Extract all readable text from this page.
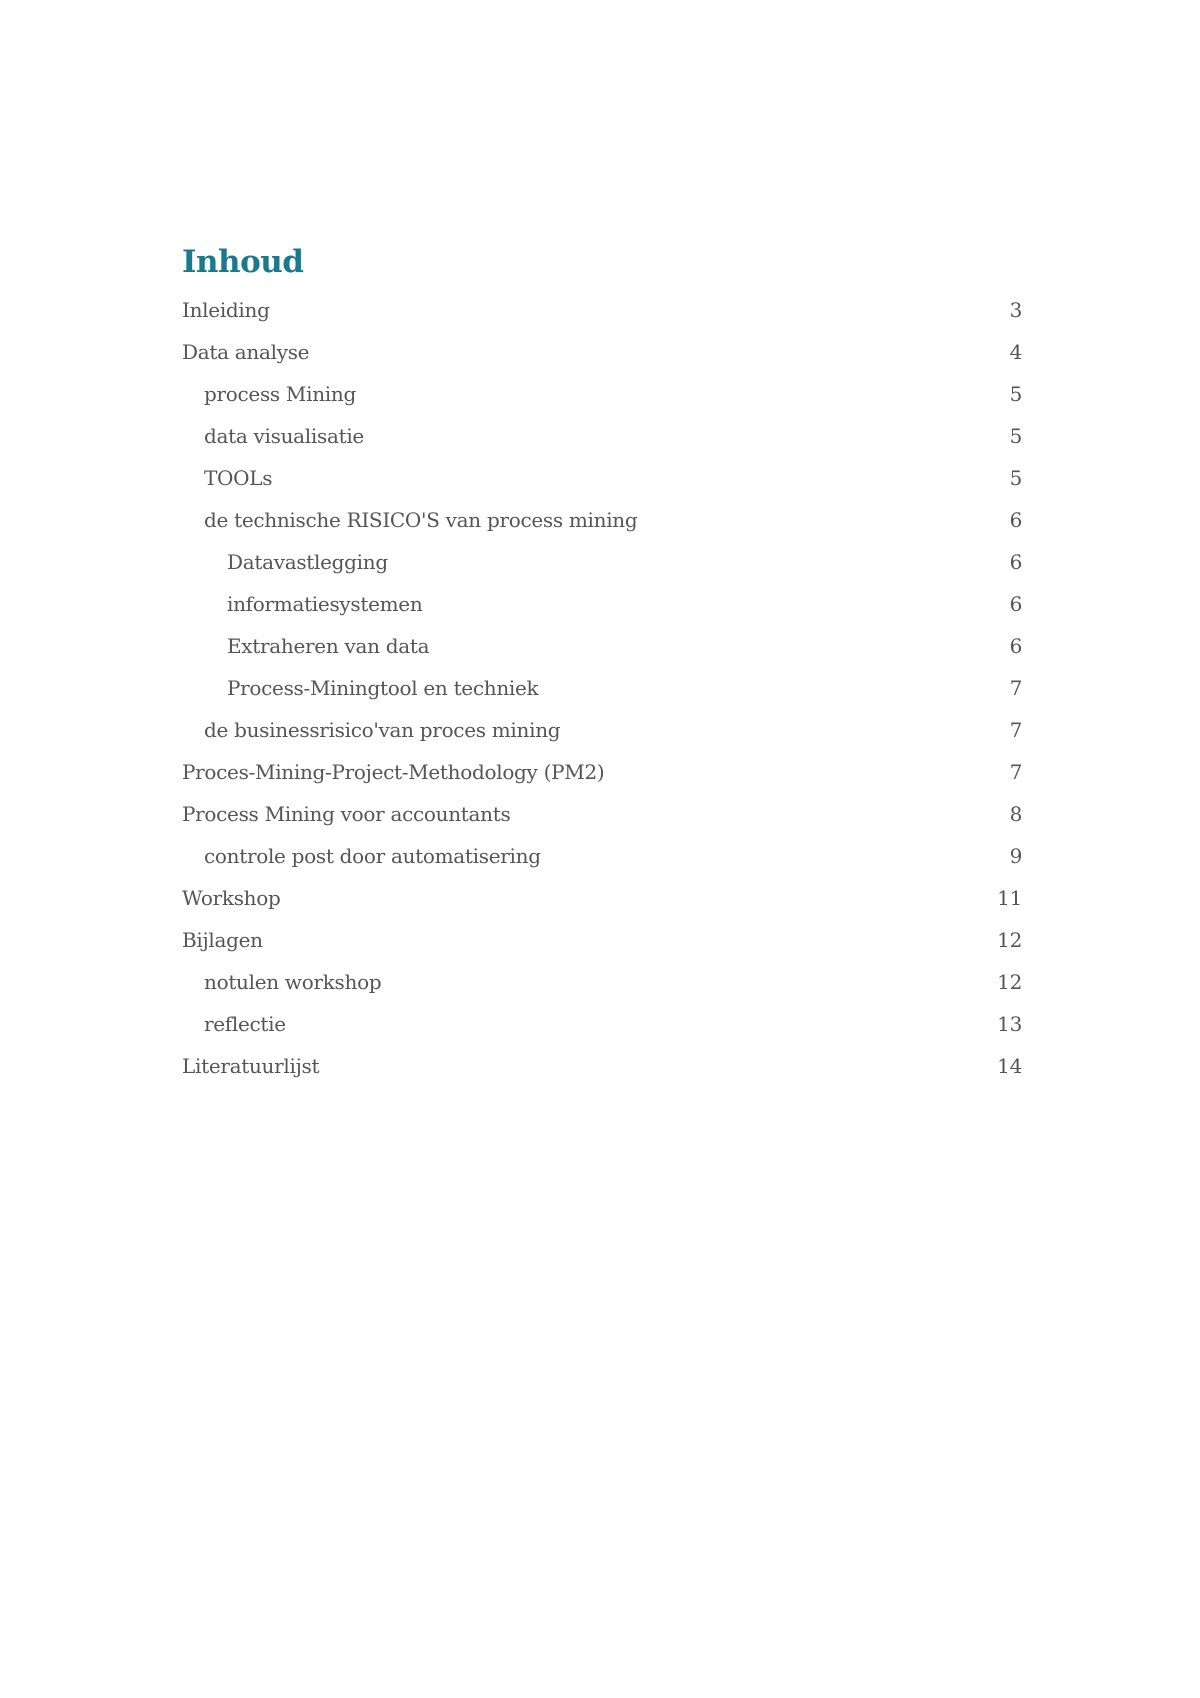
Inhoud
Inleiding	3
Data analyse	4
process Mining	5
data visualisatie	5
TOOLs	5
de technische RISICO'S van process mining	6
Datavastlegging	6
informatiesystemen	6
Extraheren van data	6
Process-Miningtool en techniek	7
de businessrisico'van proces mining	7
Proces-Mining-Project-Methodology (PM2)	7
Process Mining voor accountants	8
controle post door automatisering	9
Workshop	11
Bijlagen	12
notulen workshop	12
reflectie	13
Literatuurlijst	14
